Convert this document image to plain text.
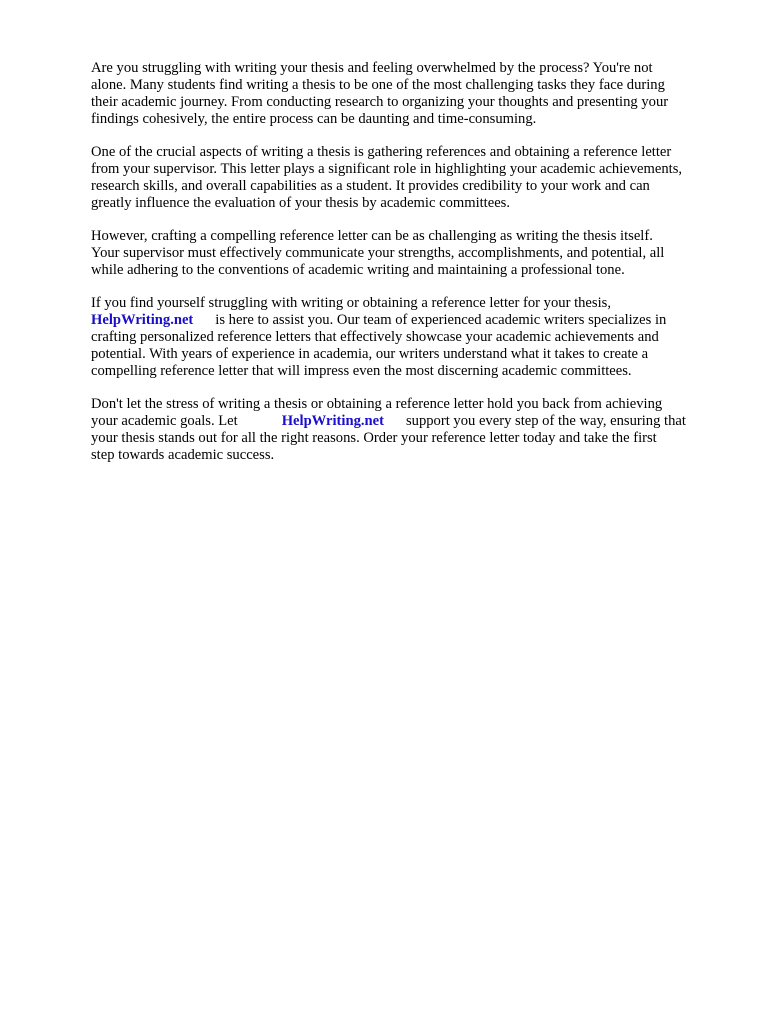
Are you struggling with writing your thesis and feeling overwhelmed by the process? You're not
alone. Many students find writing a thesis to be one of the most challenging tasks they face during
their academic journey. From conducting research to organizing your thoughts and presenting your
findings cohesively, the entire process can be daunting and time-consuming.

One of the crucial aspects of writing a thesis is gathering references and obtaining a reference letter
from your supervisor. This letter plays a significant role in highlighting your academic achievements,
research skills, and overall capabilities as a student. It provides credibility to your work and can
greatly influence the evaluation of your thesis by academic committees.

However, crafting a compelling reference letter can be as challenging as writing the thesis itself.
Your supervisor must effectively communicate your strengths, accomplishments, and potential, all
while adhering to the conventions of academic writing and maintaining a professional tone.

If you find yourself struggling with writing or obtaining a reference letter for your thesis,
HelpWriting.net is here to assist you. Our team of experienced academic writers specializes in
crafting personalized reference letters that effectively showcase your academic achievements and
potential. With years of experience in academia, our writers understand what it takes to create a
compelling reference letter that will impress even the most discerning academic committees.

Don't let the stress of writing a thesis or obtaining a reference letter hold you back from achieving
your academic goals. Let	HelpWriting.net support you every step of the way, ensuring that
your thesis stands out for all the right reasons. Order your reference letter today and take the first
step towards academic success.
